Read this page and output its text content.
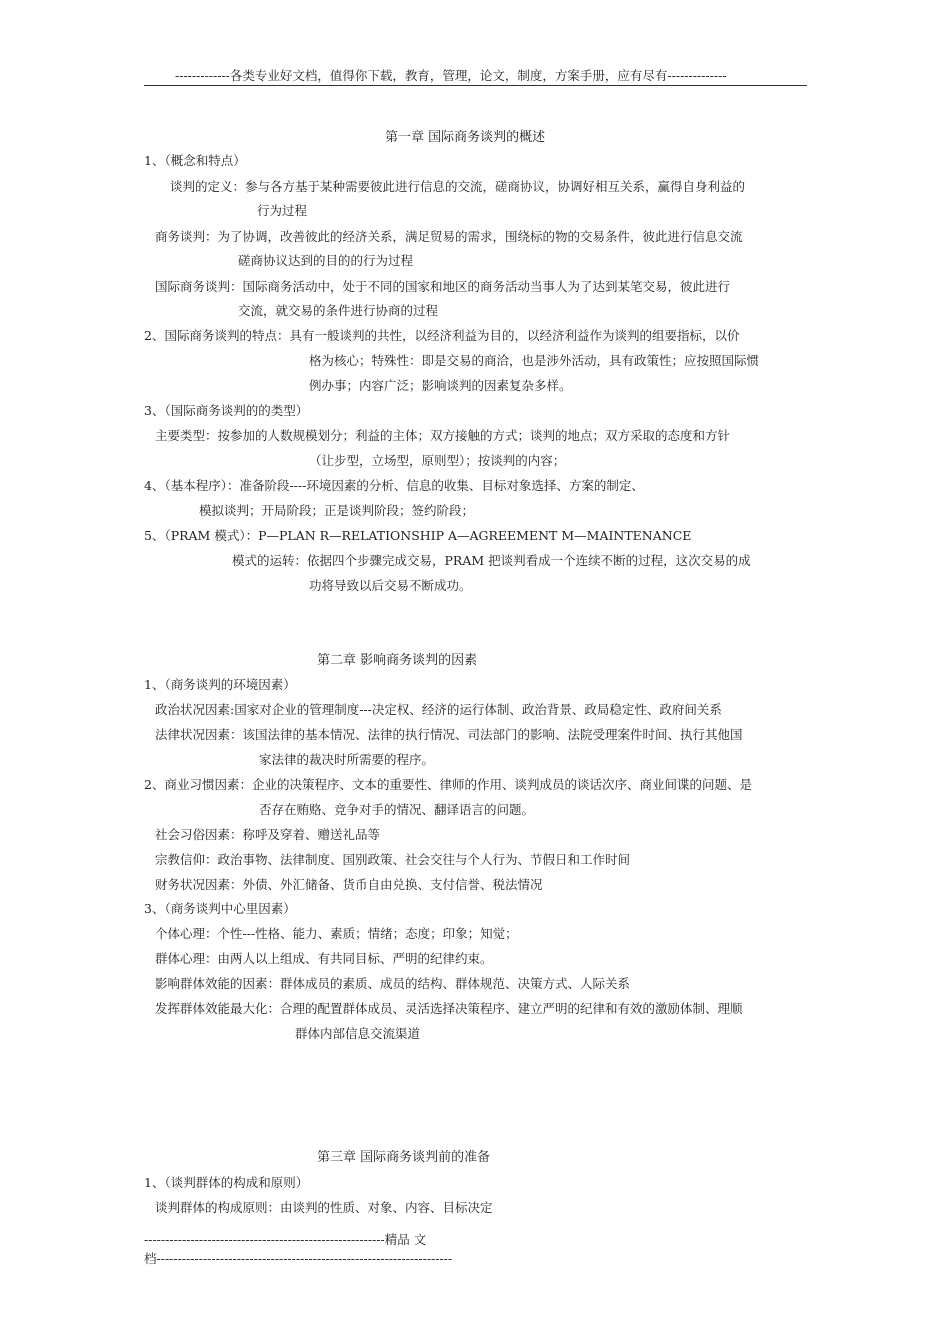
-------------各类专业好文档，值得你下载，教育，管理，论文，制度，方案手册，应有尽有--------------
第一章 国际商务谈判的概述
1、（概念和特点）
谈判的定义：参与各方基于某种需要彼此进行信息的交流，磋商协议，协调好相互关系，赢得自身利益的
行为过程
商务谈判：为了协调，改善彼此的经济关系，满足贸易的需求，围绕标的物的交易条件，彼此进行信息交流
磋商协议达到的目的的行为过程
国际商务谈判：国际商务活动中，处于不同的国家和地区的商务活动当事人为了达到某笔交易，彼此进行
交流，就交易的条件进行协商的过程
2、国际商务谈判的特点：具有一般谈判的共性，以经济利益为目的，以经济利益作为谈判的组要指标，以价
格为核心；特殊性：即是交易的商洽，也是涉外活动，具有政策性；应按照国际惯
例办事；内容广泛；影响谈判的因素复杂多样。
3、（国际商务谈判的的类型）
主要类型：按参加的人数规模划分；利益的主体；双方接触的方式；谈判的地点；双方采取的态度和方针
（让步型，立场型，原则型）；按谈判的内容；
4、（基本程序）：准备阶段----环境因素的分析、信息的收集、目标对象选择、方案的制定、
模拟谈判；开局阶段；正是谈判阶段；签约阶段；
5、（PRAM 模式）：P—PLAN R—RELATIONSHIP A—AGREEMENT M—MAINTENANCE
模式的运转：依据四个步骤完成交易，PRAM 把谈判看成一个连续不断的过程，这次交易的成
功将导致以后交易不断成功。
第二章 影响商务谈判的因素
1、（商务谈判的环境因素）
政治状况因素:国家对企业的管理制度---决定权、经济的运行体制、政治背景、政局稳定性、政府间关系
法律状况因素：该国法律的基本情况、法律的执行情况、司法部门的影响、法院受理案件时间、执行其他国
家法律的裁决时所需要的程序。
2、商业习惯因素：企业的决策程序、文本的重要性、律师的作用、谈判成员的谈话次序、商业间谍的问题、是
否存在贿赂、竞争对手的情况、翻译语言的问题。
社会习俗因素：称呼及穿着、赠送礼品等
宗教信仰：政治事物、法律制度、国别政策、社会交往与个人行为、节假日和工作时间
财务状况因素：外债、外汇储备、货币自由兑换、支付信誉、税法情况
3、（商务谈判中心里因素）
个体心理：个性---性格、能力、素质；情绪；态度；印象；知觉；
群体心理：由两人以上组成、有共同目标、严明的纪律约束。
影响群体效能的因素：群体成员的素质、成员的结构、群体规范、决策方式、人际关系
发挥群体效能最大化：合理的配置群体成员、灵活选择决策程序、建立严明的纪律和有效的激励体制、理顺
群体内部信息交流渠道
第三章 国际商务谈判前的准备
1、（谈判群体的构成和原则）
谈判群体的构成原则：由谈判的性质、对象、内容、目标决定
---------------------------------------------------------精品 文
档----------------------------------------------------------------------
